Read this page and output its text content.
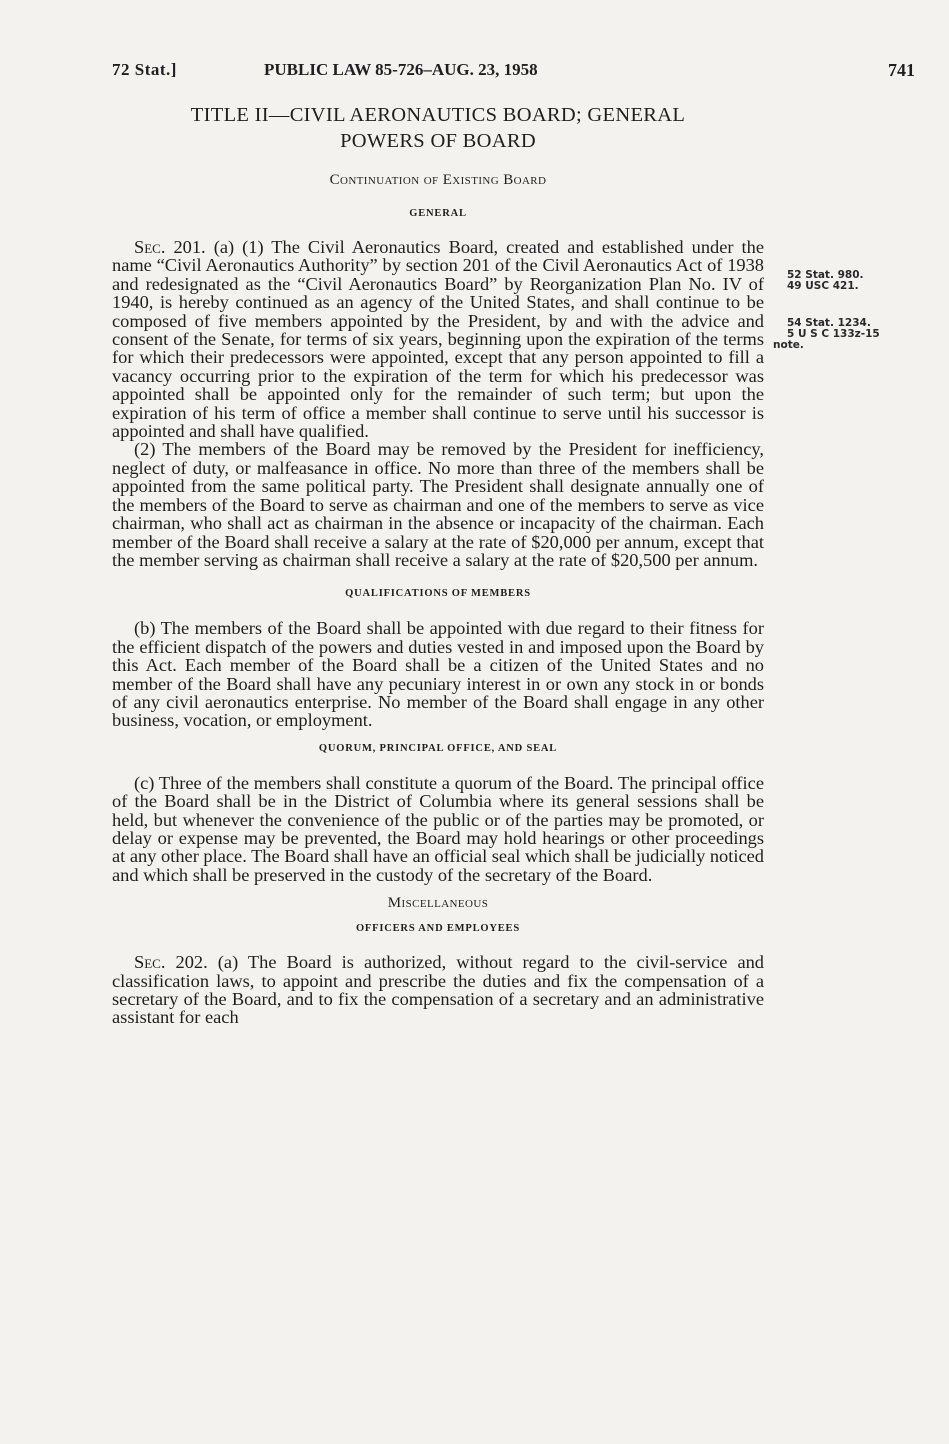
72 Stat.]	PUBLIC LAW 85-726–AUG. 23, 1958	741
TITLE II—CIVIL AERONAUTICS BOARD; GENERAL
POWERS OF BOARD

Continuation of Existing Board

GENERAL

Sec. 201. (a) (1) The Civil Aeronautics Board, created and established under the name “Civil Aeronautics Authority” by section 201 of the Civil Aeronautics Act of 1938 and redesignated as the “Civil Aeronautics Board” by Reorganization Plan No. IV of 1940, is hereby continued as an agency of the United States, and shall continue to be composed of five members appointed by the President, by and with the advice and consent of the Senate, for terms of six years, beginning upon the expiration of the terms for which their predecessors were appointed, except that any person appointed to fill a vacancy occurring prior to the expiration of the term for which his predecessor was appointed shall be appointed only for the remainder of such term; but upon the expiration of his term of office a member shall continue to serve until his successor is appointed and shall have qualified.

(2) The members of the Board may be removed by the President for inefficiency, neglect of duty, or malfeasance in office. No more than three of the members shall be appointed from the same political party. The President shall designate annually one of the members of the Board to serve as chairman and one of the members to serve as vice chairman, who shall act as chairman in the absence or incapacity of the chairman. Each member of the Board shall receive a salary at the rate of $20,000 per annum, except that the member serving as chairman shall receive a salary at the rate of $20,500 per annum.

QUALIFICATIONS OF MEMBERS

(b) The members of the Board shall be appointed with due regard to their fitness for the efficient dispatch of the powers and duties vested in and imposed upon the Board by this Act. Each member of the Board shall be a citizen of the United States and no member of the Board shall have any pecuniary interest in or own any stock in or bonds of any civil aeronautics enterprise. No member of the Board shall engage in any other business, vocation, or employment.

QUORUM, PRINCIPAL OFFICE, AND SEAL

(c) Three of the members shall constitute a quorum of the Board. The principal office of the Board shall be in the District of Columbia where its general sessions shall be held, but whenever the convenience of the public or of the parties may be promoted, or delay or expense may be prevented, the Board may hold hearings or other proceedings at any other place. The Board shall have an official seal which shall be judicially noticed and which shall be preserved in the custody of the secretary of the Board.

Miscellaneous

OFFICERS AND EMPLOYEES

Sec. 202. (a) The Board is authorized, without regard to the civil-service and classification laws, to appoint and prescribe the duties and fix the compensation of a secretary of the Board, and to fix the compensation of a secretary and an administrative assistant for each

52 Stat. 980.
49 USC 421.
54 Stat. 1234.
5 U S C 133z-15
note.
